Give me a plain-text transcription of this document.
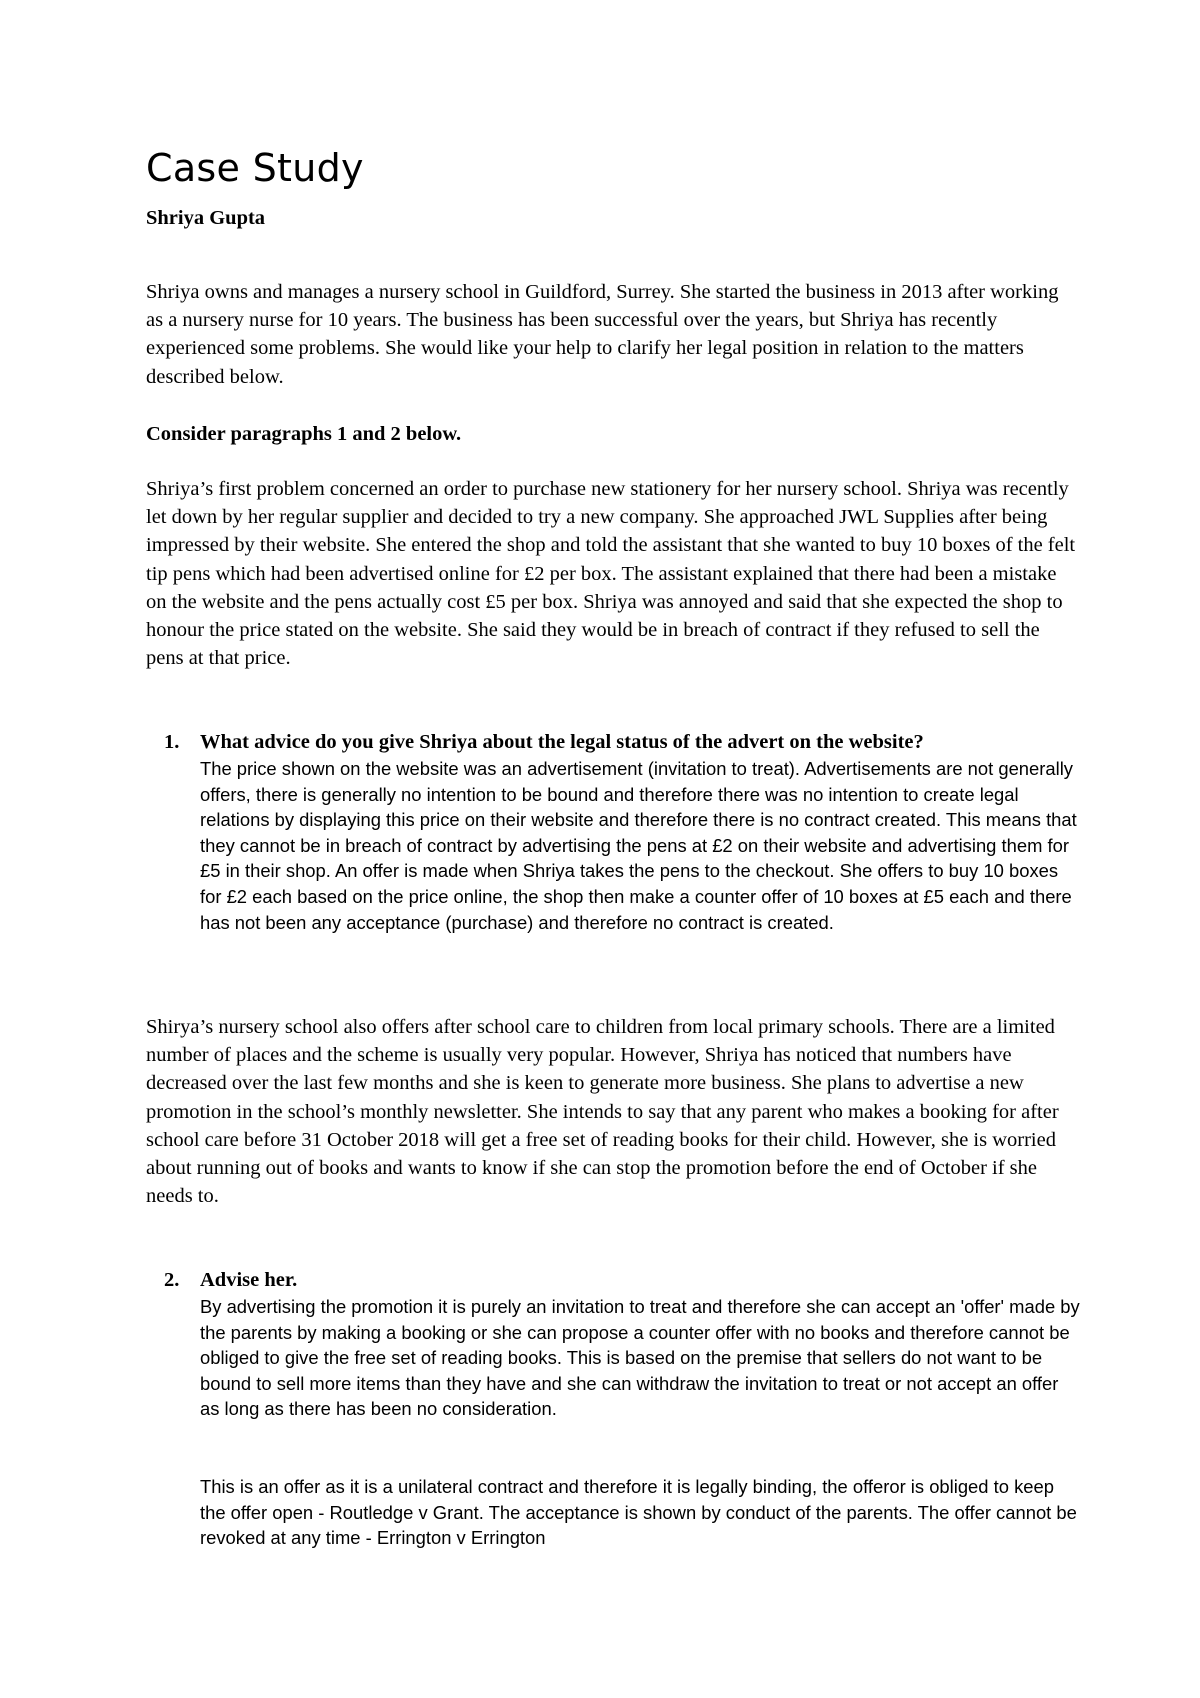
Case Study

Shriya Gupta

Shriya owns and manages a nursery school in Guildford, Surrey. She started the business in 2013 after working as a nursery nurse for 10 years. The business has been successful over the years, but Shriya has recently experienced some problems. She would like your help to clarify her legal position in relation to the matters described below.

Consider paragraphs 1 and 2 below.

Shriya’s first problem concerned an order to purchase new stationery for her nursery school. Shriya was recently let down by her regular supplier and decided to try a new company. She approached JWL Supplies after being impressed by their website. She entered the shop and told the assistant that she wanted to buy 10 boxes of the felt tip pens which had been advertised online for £2 per box. The assistant explained that there had been a mistake on the website and the pens actually cost £5 per box. Shriya was annoyed and said that she expected the shop to honour the price stated on the website. She said they would be in breach of contract if they refused to sell the pens at that price.

1. What advice do you give Shriya about the legal status of the advert on the website?

The price shown on the website was an advertisement (invitation to treat). Advertisements are not generally offers, there is generally no intention to be bound and therefore there was no intention to create legal relations by displaying this price on their website and therefore there is no contract created. This means that they cannot be in breach of contract by advertising the pens at £2 on their website and advertising them for £5 in their shop. An offer is made when Shriya takes the pens to the checkout. She offers to buy 10 boxes for £2 each based on the price online, the shop then make a counter offer of 10 boxes at £5 each and there has not been any acceptance (purchase) and therefore no contract is created.

Shirya’s nursery school also offers after school care to children from local primary schools. There are a limited number of places and the scheme is usually very popular. However, Shriya has noticed that numbers have decreased over the last few months and she is keen to generate more business. She plans to advertise a new promotion in the school’s monthly newsletter. She intends to say that any parent who makes a booking for after school care before 31 October 2018 will get a free set of reading books for their child. However, she is worried about running out of books and wants to know if she can stop the promotion before the end of October if she needs to.

2. Advise her.

By advertising the promotion it is purely an invitation to treat and therefore she can accept an 'offer' made by the parents by making a booking or she can propose a counter offer with no books and therefore cannot be obliged to give the free set of reading books. This is based on the premise that sellers do not want to be bound to sell more items than they have and she can withdraw the invitation to treat or not accept an offer as long as there has been no consideration.

This is an offer as it is a unilateral contract and therefore it is legally binding, the offeror is obliged to keep the offer open - Routledge v Grant. The acceptance is shown by conduct of the parents. The offer cannot be revoked at any time - Errington v Errington
